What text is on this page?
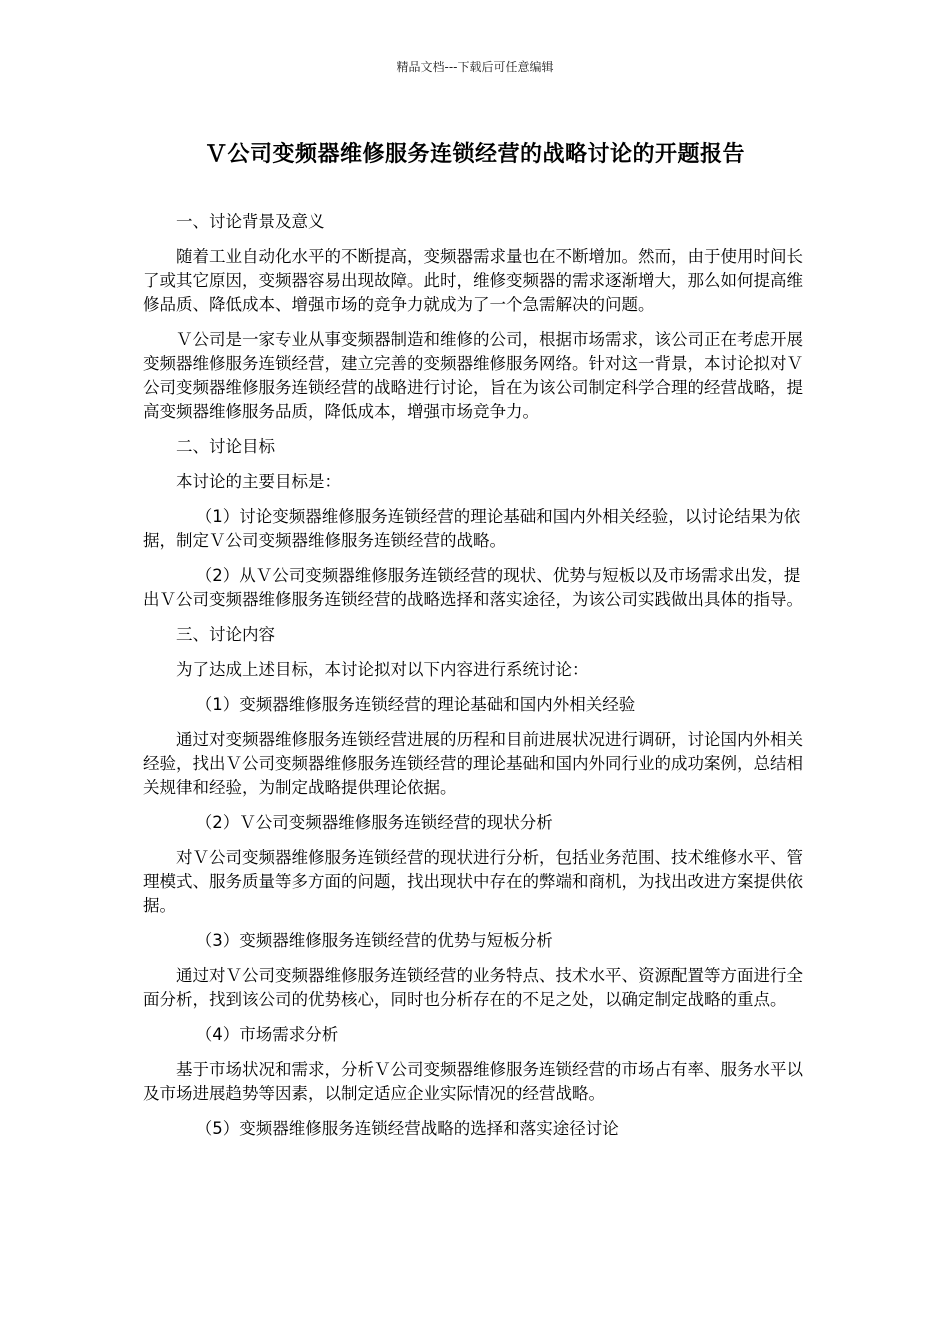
精品文档---下载后可任意编辑
Ｖ公司变频器维修服务连锁经营的战略讨论的开题报告

一、讨论背景及意义

随着工业自动化水平的不断提高，变频器需求量也在不断增加。然而，由于使用时间长了或其它原因，变频器容易出现故障。此时，维修变频器的需求逐渐增大，那么如何提高维修品质、降低成本、增强市场的竞争力就成为了一个急需解决的问题。

Ｖ公司是一家专业从事变频器制造和维修的公司，根据市场需求，该公司正在考虑开展变频器维修服务连锁经营，建立完善的变频器维修服务网络。针对这一背景，本讨论拟对Ｖ公司变频器维修服务连锁经营的战略进行讨论，旨在为该公司制定科学合理的经营战略，提高变频器维修服务品质，降低成本，增强市场竞争力。

二、讨论目标

本讨论的主要目标是：

（1）讨论变频器维修服务连锁经营的理论基础和国内外相关经验，以讨论结果为依据，制定Ｖ公司变频器维修服务连锁经营的战略。

（2）从Ｖ公司变频器维修服务连锁经营的现状、优势与短板以及市场需求出发，提出Ｖ公司变频器维修服务连锁经营的战略选择和落实途径，为该公司实践做出具体的指导。

三、讨论内容

为了达成上述目标，本讨论拟对以下内容进行系统讨论：

（1）变频器维修服务连锁经营的理论基础和国内外相关经验

通过对变频器维修服务连锁经营进展的历程和目前进展状况进行调研，讨论国内外相关经验，找出Ｖ公司变频器维修服务连锁经营的理论基础和国内外同行业的成功案例，总结相关规律和经验，为制定战略提供理论依据。

（2）Ｖ公司变频器维修服务连锁经营的现状分析

对Ｖ公司变频器维修服务连锁经营的现状进行分析，包括业务范围、技术维修水平、管理模式、服务质量等多方面的问题，找出现状中存在的弊端和商机，为找出改进方案提供依据。

（3）变频器维修服务连锁经营的优势与短板分析

通过对Ｖ公司变频器维修服务连锁经营的业务特点、技术水平、资源配置等方面进行全面分析，找到该公司的优势核心，同时也分析存在的不足之处，以确定制定战略的重点。

（4）市场需求分析

基于市场状况和需求，分析Ｖ公司变频器维修服务连锁经营的市场占有率、服务水平以及市场进展趋势等因素，以制定适应企业实际情况的经营战略。

（5）变频器维修服务连锁经营战略的选择和落实途径讨论
